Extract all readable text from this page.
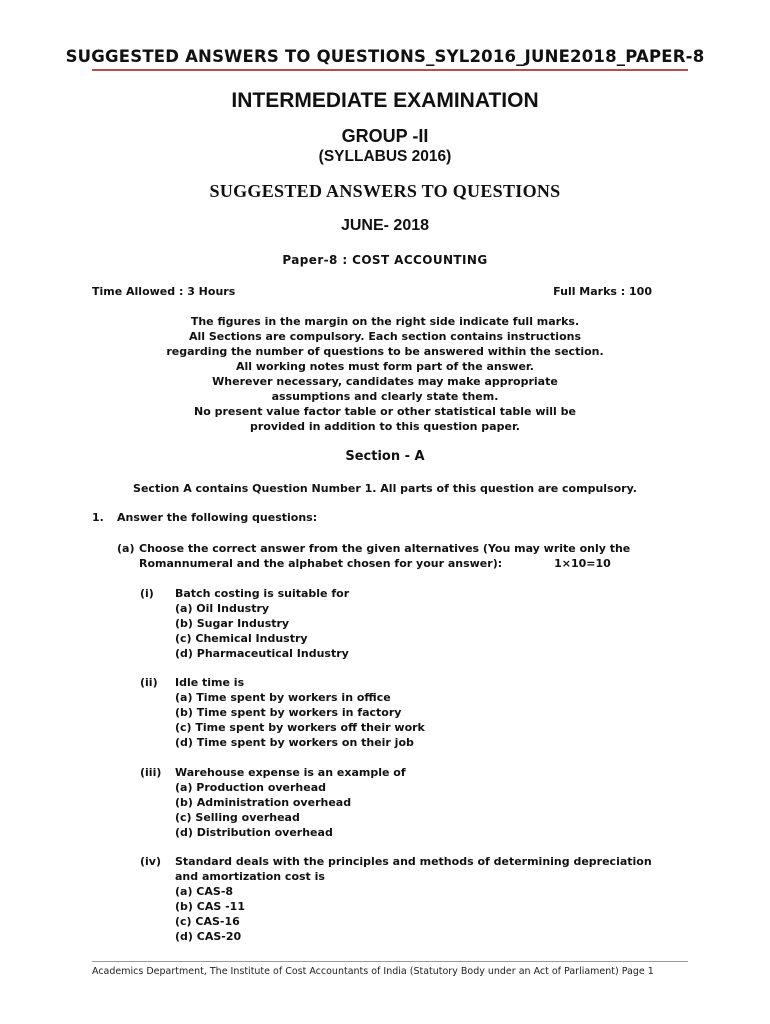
SUGGESTED ANSWERS TO QUESTIONS_SYL2016_JUNE2018_PAPER-8
INTERMEDIATE EXAMINATION
GROUP -II
(SYLLABUS 2016)
SUGGESTED ANSWERS TO QUESTIONS
JUNE- 2018
Paper-8 : COST ACCOUNTING
Time Allowed : 3 Hours	Full Marks : 100
The figures in the margin on the right side indicate full marks.
All Sections are compulsory. Each section contains instructions
regarding the number of questions to be answered within the section.
All working notes must form part of the answer.
Wherever necessary, candidates may make appropriate
assumptions and clearly state them.
No present value factor table or other statistical table will be
provided in addition to this question paper.
Section - A
Section A contains Question Number 1. All parts of this question are compulsory.
1. Answer the following questions:
(a) Choose the correct answer from the given alternatives (You may write only the
Romannumeral and the alphabet chosen for your answer):	1×10=10
(i) Batch costing is suitable for
(a) Oil Industry
(b) Sugar Industry
(c) Chemical Industry
(d) Pharmaceutical Industry
(ii) Idle time is
(a) Time spent by workers in office
(b) Time spent by workers in factory
(c) Time spent by workers off their work
(d) Time spent by workers on their job
(iii) Warehouse expense is an example of
(a) Production overhead
(b) Administration overhead
(c) Selling overhead
(d) Distribution overhead
(iv) Standard deals with the principles and methods of determining depreciation
and amortization cost is
(a) CAS-8
(b) CAS -11
(c) CAS-16
(d) CAS-20
Academics Department, The Institute of Cost Accountants of India (Statutory Body under an Act of Parliament) Page 1
